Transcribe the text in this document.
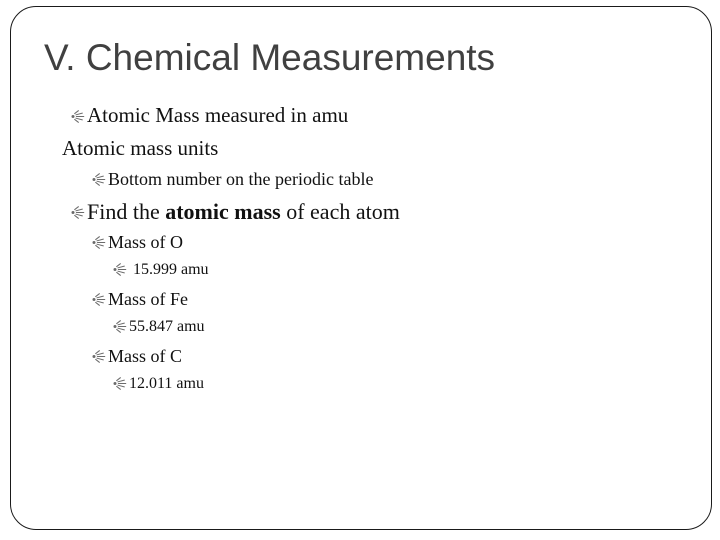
V. Chemical Measurements
Atomic Mass measured in amu
Atomic mass units
Bottom number on the periodic table
Find the atomic mass of each atom
Mass of O
15.999 amu
Mass of Fe
55.847 amu
Mass of C
12.011 amu
